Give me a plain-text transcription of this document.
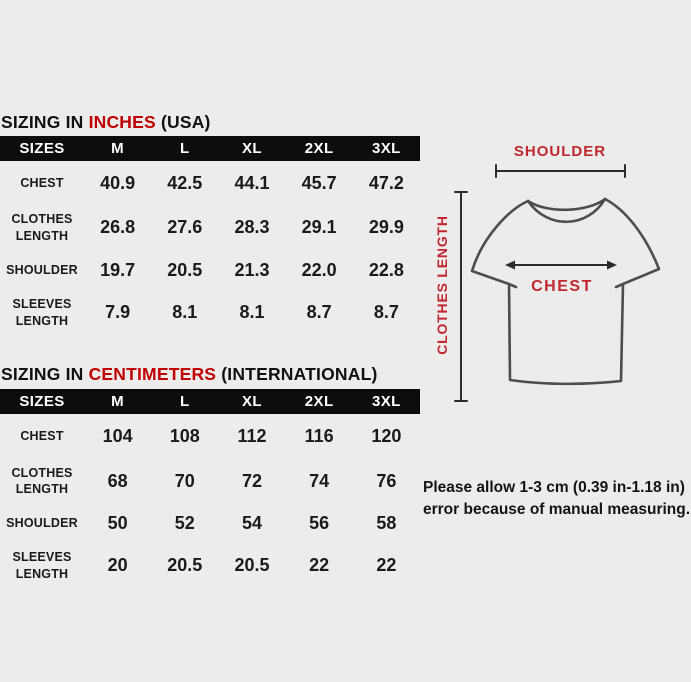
SIZING IN INCHES (USA)
SIZES	M	L	XL	2XL	3XL
CHEST	40.9	42.5	44.1	45.7	47.2
CLOTHES LENGTH	26.8	27.6	28.3	29.1	29.9
SHOULDER	19.7	20.5	21.3	22.0	22.8
SLEEVES LENGTH	7.9	8.1	8.1	8.7	8.7
SIZING IN CENTIMETERS (INTERNATIONAL)
SIZES	M	L	XL	2XL	3XL
CHEST	104	108	112	116	120
CLOTHES LENGTH	68	70	72	74	76
SHOULDER	50	52	54	56	58
SLEEVES LENGTH	20	20.5	20.5	22	22
SHOULDER
CLOTHES LENGTH	CHEST
Please allow 1-3 cm (0.39 in-1.18 in)
error because of manual measuring.
